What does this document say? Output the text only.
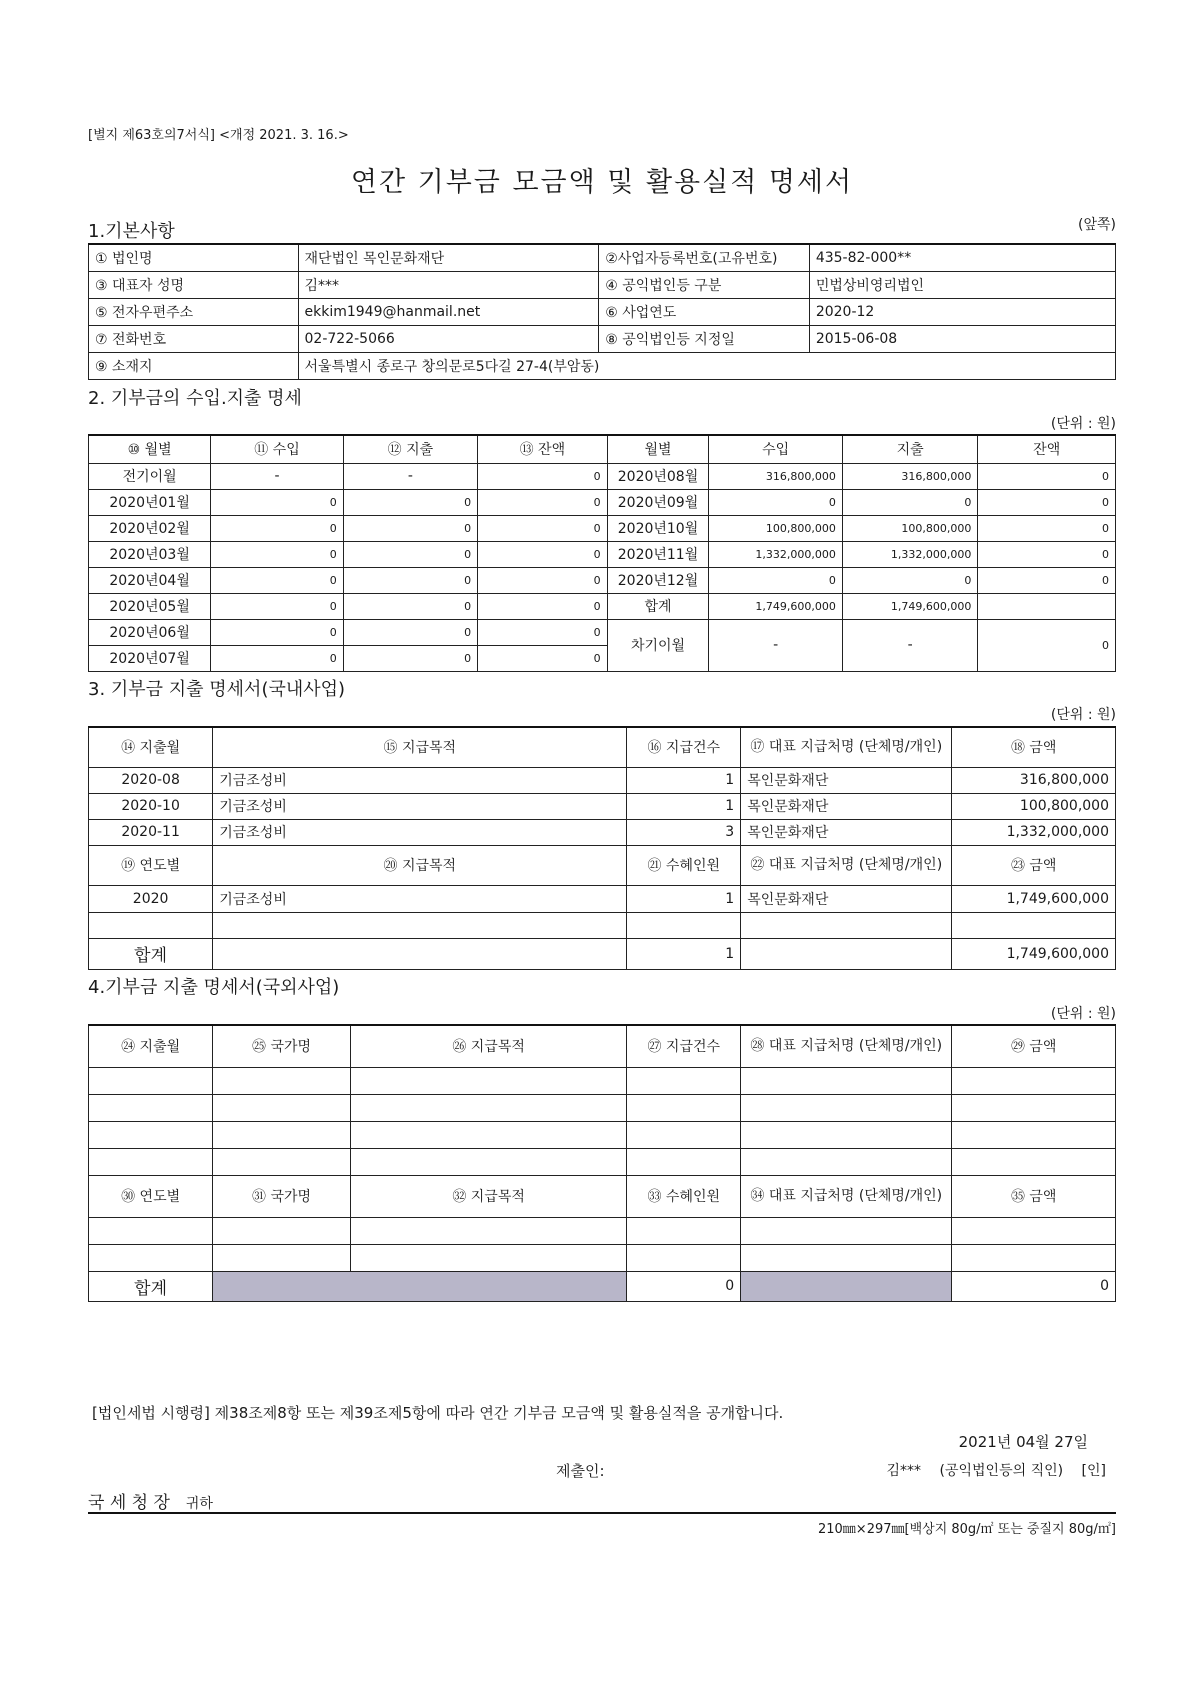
[별지 제63호의7서식] <개정 2021. 3. 16.>
연간 기부금 모금액 및 활용실적 명세서
(앞쪽)
1.기본사항
① 법인명	재단법인 목인문화재단	②사업자등록번호(고유번호)	435-82-000**
③ 대표자 성명	김***	④ 공익법인등 구분	민법상비영리법인
⑤ 전자우편주소	ekkim1949@hanmail.net	⑥ 사업연도	2020-12
⑦ 전화번호	02-722-5066	⑧ 공익법인등 지정일	2015-06-08
⑨ 소재지	서울특별시 종로구 창의문로5다길 27-4(부암동)		
2. 기부금의 수입.지출 명세
(단위 : 원)
⑩ 월별	⑪ 수입	⑫ 지출	⑬ 잔액	월별	수입	지출	잔액
전기이월	-	-	0	2020년08월	316,800,000	316,800,000	0
2020년01월	0	0	0	2020년09월	0	0	0
2020년02월	0	0	0	2020년10월	100,800,000	100,800,000	0
2020년03월	0	0	0	2020년11월	1,332,000,000	1,332,000,000	0
2020년04월	0	0	0	2020년12월	0	0	0
2020년05월	0	0	0	합계	1,749,600,000	1,749,600,000	
2020년06월	0	0	0	차기이월	-	-	0
2020년07월	0	0	0				
3. 기부금 지출 명세서(국내사업)
(단위 : 원)
⑭ 지출월	⑮ 지급목적	⑯ 지급건수	⑰ 대표 지급처명 (단체명/개인)	⑱ 금액
2020-08	기금조성비	1	목인문화재단	316,800,000
2020-10	기금조성비	1	목인문화재단	100,800,000
2020-11	기금조성비	3	목인문화재단	1,332,000,000
⑲ 연도별	⑳ 지급목적	㉑ 수혜인원	㉒ 대표 지급처명 (단체명/개인)	㉓ 금액
2020	기금조성비	1	목인문화재단	1,749,600,000

합계		1		1,749,600,000
4.기부금 지출 명세서(국외사업)
(단위 : 원)
㉔ 지출월	㉕ 국가명	㉖ 지급목적	㉗ 지급건수	㉘ 대표 지급처명 (단체명/개인)	㉙ 금액

㉚ 연도별	㉛ 국가명	㉜ 지급목적	㉝ 수혜인원	㉞ 대표 지급처명 (단체명/개인)	㉟ 금액

합계			0		0
[법인세법 시행령] 제38조제8항 또는 제39조제5항에 따라 연간 기부금 모금액 및 활용실적을 공개합니다.
2021년 04월 27일
제출인:	김*** (공익법인등의 직인) [인]
국 세 청 장 귀하
210㎜×297㎜[백상지 80g/㎡ 또는 중질지 80g/㎡]
